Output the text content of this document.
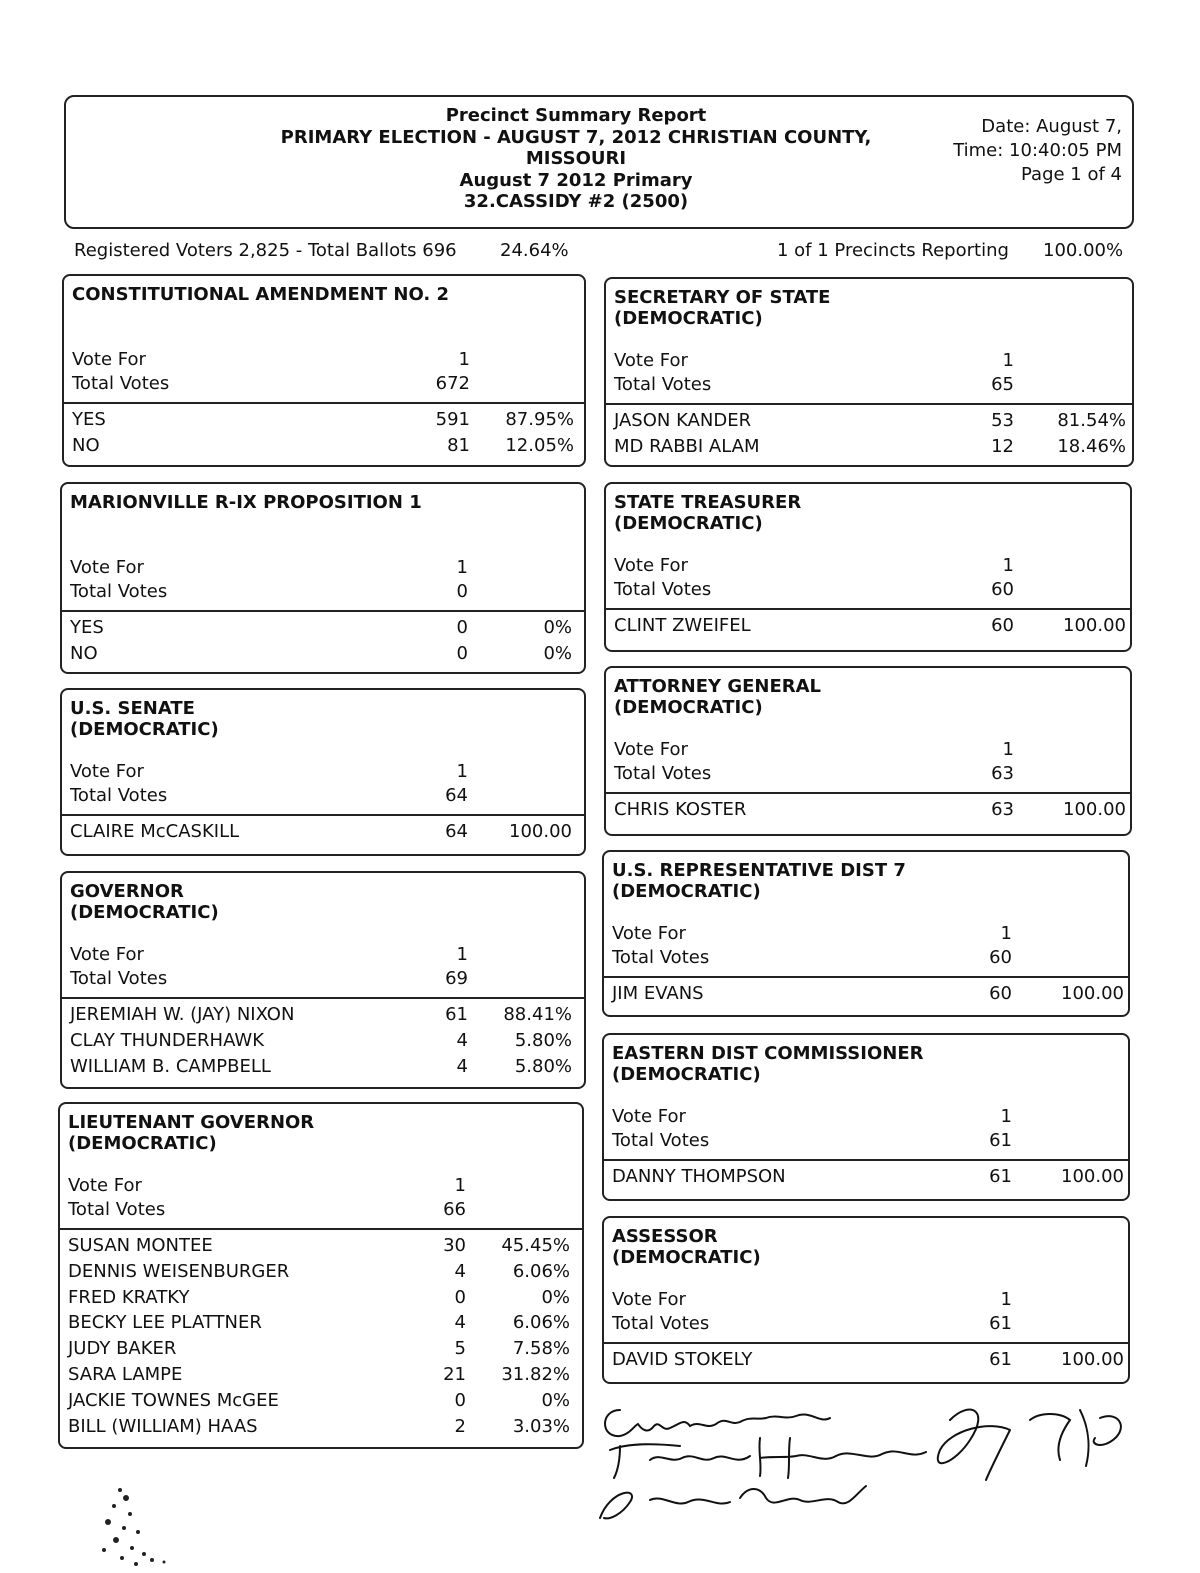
Precinct Summary Report
PRIMARY ELECTION - AUGUST 7, 2012 CHRISTIAN COUNTY,
MISSOURI
August 7 2012 Primary
32.CASSIDY #2 (2500)
Date: August 7,
Time: 10:40:05 PM
Page 1 of 4
Registered Voters 2,825 - Total Ballots 696 24.64%	1 of 1 Precincts Reporting 100.00%
CONSTITUTIONAL AMENDMENT NO. 2
Vote For	1
Total Votes	672
YES	591	87.95%
NO	81	12.05%
MARIONVILLE R-IX PROPOSITION 1
Vote For	1
Total Votes	0
YES	0	0%
NO	0	0%
U.S. SENATE
(DEMOCRATIC)
Vote For	1
Total Votes	64
CLAIRE McCASKILL	64	100.00
GOVERNOR
(DEMOCRATIC)
Vote For	1
Total Votes	69
JEREMIAH W. (JAY) NIXON	61	88.41%
CLAY THUNDERHAWK	4	5.80%
WILLIAM B. CAMPBELL	4	5.80%
LIEUTENANT GOVERNOR
(DEMOCRATIC)
Vote For	1
Total Votes	66
SUSAN MONTEE	30	45.45%
DENNIS WEISENBURGER	4	6.06%
FRED KRATKY	0	0%
BECKY LEE PLATTNER	4	6.06%
JUDY BAKER	5	7.58%
SARA LAMPE	21	31.82%
JACKIE TOWNES McGEE	0	0%
BILL (WILLIAM) HAAS	2	3.03%
SECRETARY OF STATE
(DEMOCRATIC)
Vote For	1
Total Votes	65
JASON KANDER	53	81.54%
MD RABBI ALAM	12	18.46%
STATE TREASURER
(DEMOCRATIC)
Vote For	1
Total Votes	60
CLINT ZWEIFEL	60	100.00
ATTORNEY GENERAL
(DEMOCRATIC)
Vote For	1
Total Votes	63
CHRIS KOSTER	63	100.00
U.S. REPRESENTATIVE DIST 7
(DEMOCRATIC)
Vote For	1
Total Votes	60
JIM EVANS	60	100.00
EASTERN DIST COMMISSIONER
(DEMOCRATIC)
Vote For	1
Total Votes	61
DANNY THOMPSON	61	100.00
ASSESSOR
(DEMOCRATIC)
Vote For	1
Total Votes	61
DAVID STOKELY	61	100.00
